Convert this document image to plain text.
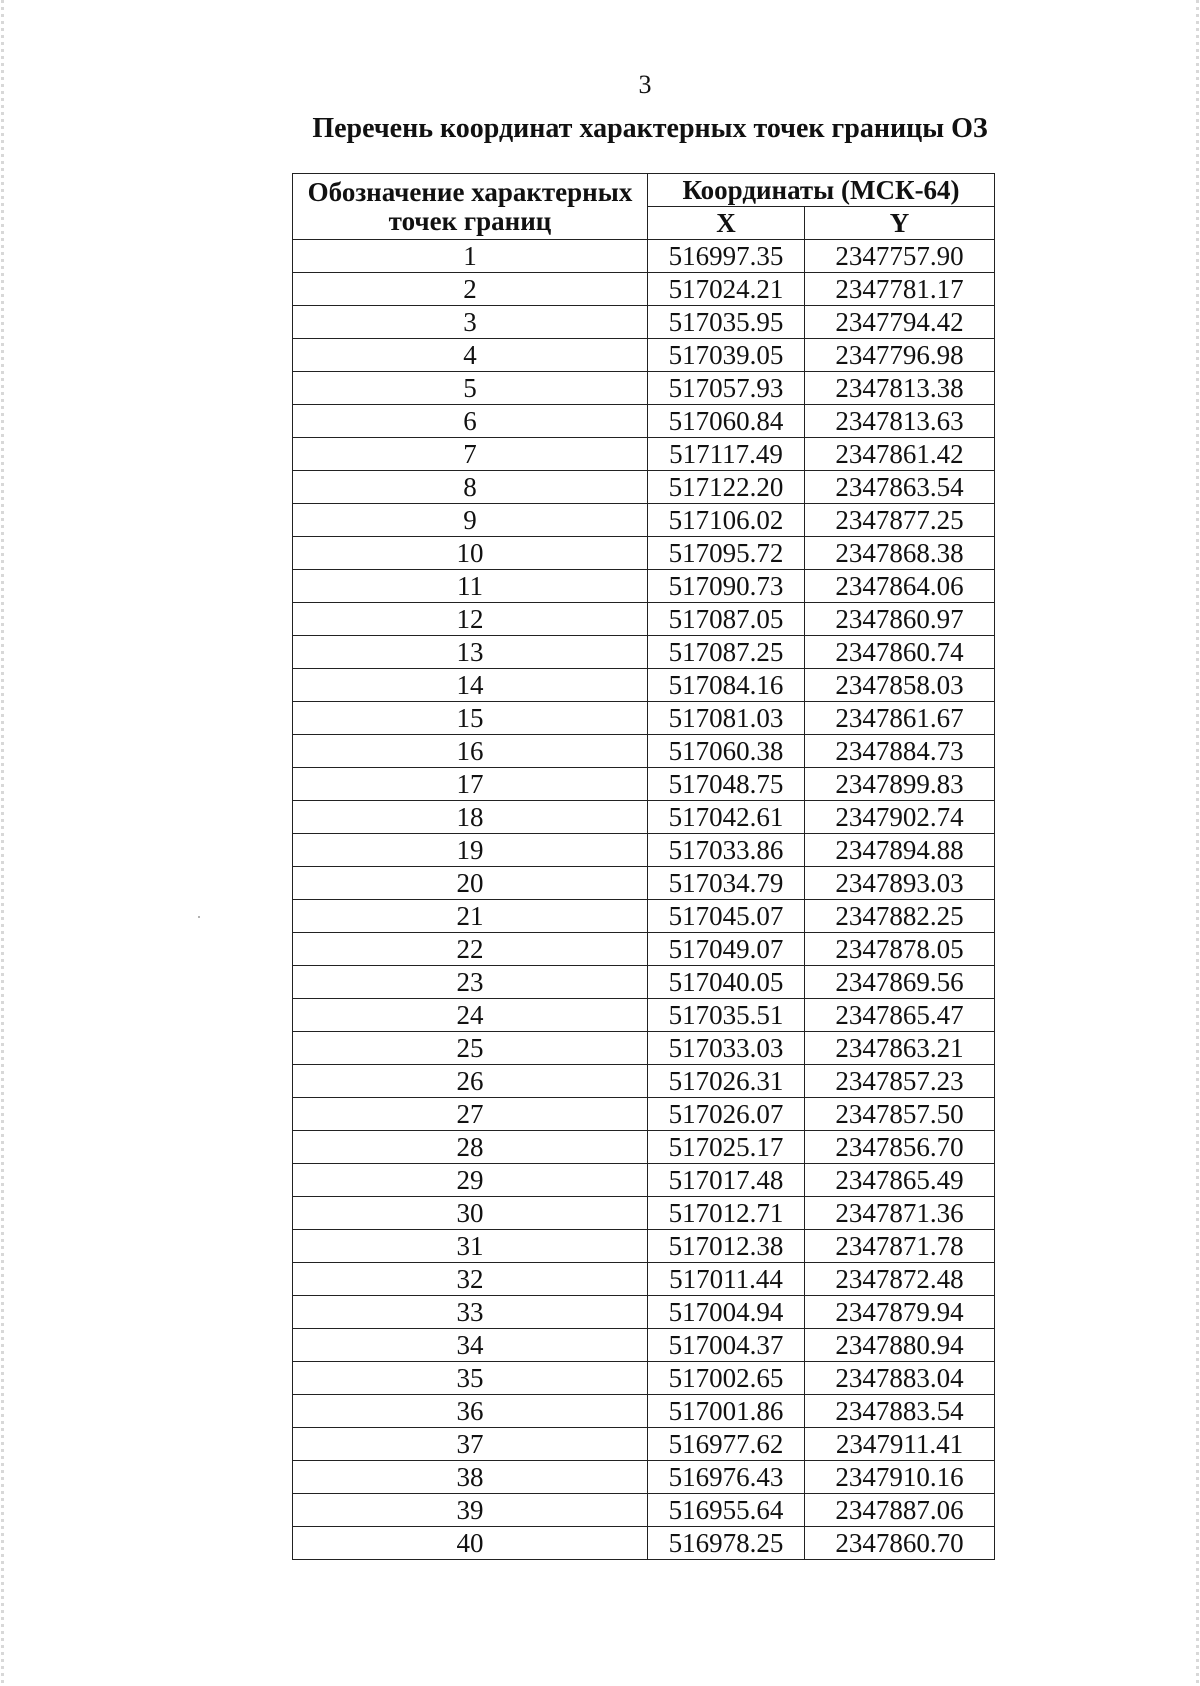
3
Перечень координат характерных точек границы ОЗ
Обозначение характерных
точек границ	Координаты (МСК-64)	
	X	Y
1	516997.35	2347757.90
2	517024.21	2347781.17
3	517035.95	2347794.42
4	517039.05	2347796.98
5	517057.93	2347813.38
6	517060.84	2347813.63
7	517117.49	2347861.42
8	517122.20	2347863.54
9	517106.02	2347877.25
10	517095.72	2347868.38
11	517090.73	2347864.06
12	517087.05	2347860.97
13	517087.25	2347860.74
14	517084.16	2347858.03
15	517081.03	2347861.67
16	517060.38	2347884.73
17	517048.75	2347899.83
18	517042.61	2347902.74
19	517033.86	2347894.88
20	517034.79	2347893.03
21	517045.07	2347882.25
22	517049.07	2347878.05
23	517040.05	2347869.56
24	517035.51	2347865.47
25	517033.03	2347863.21
26	517026.31	2347857.23
27	517026.07	2347857.50
28	517025.17	2347856.70
29	517017.48	2347865.49
30	517012.71	2347871.36
31	517012.38	2347871.78
32	517011.44	2347872.48
33	517004.94	2347879.94
34	517004.37	2347880.94
35	517002.65	2347883.04
36	517001.86	2347883.54
37	516977.62	2347911.41
38	516976.43	2347910.16
39	516955.64	2347887.06
40	516978.25	2347860.70
